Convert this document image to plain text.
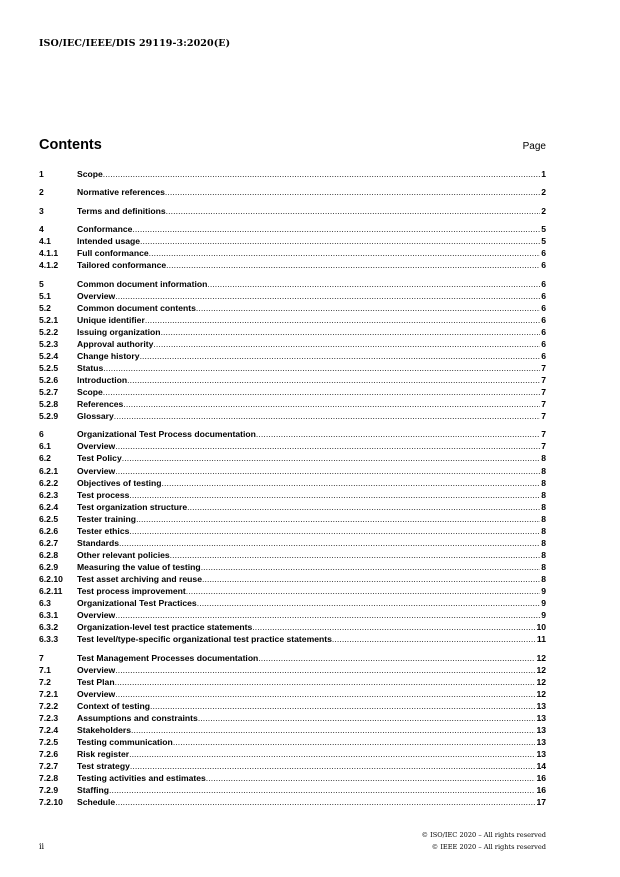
ISO/IEC/IEEE/DIS 29119-3:2020(E)
Contents	Page
1	Scope .....	1
2	Normative references .....	2
3	Terms and definitions .....	2
4	Conformance .....	5
4.1	Intended usage .....	5
4.1.1	Full conformance .....	6
4.1.2	Tailored conformance .....	6
5	Common document information .....	6
5.1	Overview .....	6
5.2	Common document contents .....	6
5.2.1	Unique identifier .....	6
5.2.2	Issuing organization .....	6
5.2.3	Approval authority .....	6
5.2.4	Change history .....	6
5.2.5	Status .....	7
5.2.6	Introduction .....	7
5.2.7	Scope .....	7
5.2.8	References .....	7
5.2.9	Glossary .....	7
6	Organizational Test Process documentation .....	7
6.1	Overview .....	7
6.2	Test Policy .....	8
6.2.1	Overview .....	8
6.2.2	Objectives of testing .....	8
6.2.3	Test process .....	8
6.2.4	Test organization structure .....	8
6.2.5	Tester training .....	8
6.2.6	Tester ethics .....	8
6.2.7	Standards .....	8
6.2.8	Other relevant policies .....	8
6.2.9	Measuring the value of testing .....	8
6.2.10	Test asset archiving and reuse .....	8
6.2.11	Test process improvement .....	9
6.3	Organizational Test Practices .....	9
6.3.1	Overview .....	9
6.3.2	Organization-level test practice statements .....	10
6.3.3	Test level/type-specific organizational test practice statements .....	11
7	Test Management Processes documentation .....	12
7.1	Overview .....	12
7.2	Test Plan .....	12
7.2.1	Overview .....	12
7.2.2	Context of testing .....	13
7.2.3	Assumptions and constraints .....	13
7.2.4	Stakeholders .....	13
7.2.5	Testing communication .....	13
7.2.6	Risk register .....	13
7.2.7	Test strategy .....	14
7.2.8	Testing activities and estimates .....	16
7.2.9	Staffing .....	16
7.2.10	Schedule .....	17
ii
© ISO/IEC 2020 – All rights reserved
© IEEE 2020 – All rights reserved
